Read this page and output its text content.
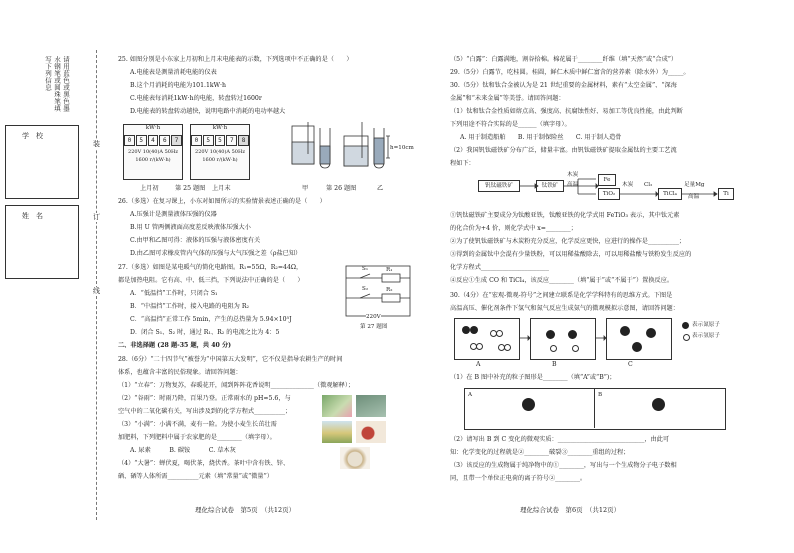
请用蓝色或黑色墨水钢笔或圆珠笔填写下列信息
学　校
姓　名
装
订
线
25. 如图分别是小东家上月初和上月末电能表的示数，下列选项中不正确的是（　　）
A.电能表是测量消耗电能的仪表
B.这个月消耗的电能为101.1kW·h
C.电能表每消耗1kW·h的电能，转盘转过1600r
D.电能表的转盘转动越快，说明电路中消耗的电功率越大
kW·h
0	5	4	6	7
220V 10(40)A 50Hz
1600 r/(kW·h)
kW·h
0	5	5	7	8
220V 10(40)A 50Hz
1600 r/(kW·h)
上月初	第 25 题图 上月末
h=10cm
甲	第 26 题图	乙
26.（多选）在复习课上，小东对如图所示的实验情景表述正确的是（　　）
A.压强计是测量液体压强的仪器
B.用 U 管两侧液面高度差反映液体压强大小
C.由甲和乙图可得：液体的压强与液体密度有关
D.由乙图可求橡皮管内气体的压强与大气压强之差（ρ盐已知）
27.（多选）如图是某电暖气的简化电路图。R₁=55Ω，R₂=44Ω，
都是加热电阻。它有高、中、低三挡，下列说法中正确的是（　　）
A．“低温挡”工作时，只闭合 S₁
B．“中温挡”工作时，接入电路的电阻为 R₂
C．“高温挡”正常工作 5min，产生的总热量为 5.94×10⁵J
D．闭合 S₁、S₂ 时，通过 R₁、R₂ 的电流之比为 4：5
S₁
S₂
R₁
R₂
220V
第 27 题图
二、非选择题 (28 题-35 题，共 40 分)
28.（6分）“二十四节气”被誉为“中国第五大发明”，它不仅是指导农耕生产的时间
体系，也蕴含丰富的民俗现象。请回答问题：
（1）“立春”：万物复苏，春暖花开，闻到阵阵花香说明______________（微观解释）；
（2）“谷雨”：时雨乃降，百果乃登。正常雨水的 pH≈5.6，与
空气中的二氧化碳有关，写出涉及到的化学方程式__________；
（3）“小满”：小满不满，麦有一险。为使小麦生长茁壮需
加肥料，下列肥料中属于农家肥的是________（填字母）。
A. 尿素　　　B. 碳铵　　　C. 草木灰
（4）“大暑”：蝉伏夏，喝伏茶，烧伏香。茶叶中含有铁、锌、
硒、硒等人体所需__________元素（填“常量”或“微量”）
理化综合试卷　第5页　（共12页）
（5）“白露”：白露满地，割谷拾棉。棉花属于________纤维（填“天然”或“合成”）
29.（5分）白露节，吃桂圆。桂圆，鲜仁木质中鲜仁富含的营养素（除水外）为_____。
30.（5分）钛和钛合金被认为是 21 世纪重要的金属材料，素有“太空金属”、“深海
金属”和“未来金属”等美誉。请回答问题：
（1）钛和钛合金性质如熔点高、强度高、抗腐蚀性好、易加工等优良性能，由此判断
下列用途不符合实际的是______（填字母）。
A. 用于制造船舶　　B. 用于制保险丝　　C. 用于制人造骨
（2）我国钒钛磁铁矿分布广泛，储量丰富。由钒钛磁铁矿提取金属钛的主要工艺流
程如下：
钒钛磁铁矿	钛铁矿
Fe
TiO₂	TiCl₄	Ti
木炭
高温	木炭 Cl₂	足量Mg
高温
①钒钛磁铁矿主要成分为钛酸亚铁，钛酸亚铁的化学式用 FeTiO₃ 表示，其中钛元素
的化合价为+4 价，则化学式中 x=________；
②为了使钒钛磁铁矿与木炭粉充分反应，化学反应更快，应进行的操作是__________；
③得到的金属钛中会混有少量铁粉，可以用稀盐酸除去，可以用稀盐酸与铁粉发生反应的
化学方程式______________________
④反应①生成 CO 和 TiCl₄，该反应________（填“属于”或“不属于”）置换反应。
30.（4分）在“宏观-微观-符号”之间建立联系是化学学科特有的思维方式。下图是
高温高压、催化剂条件下氢气和氮气反应生成氨气的微观模拟示意图，请回答问题：
表示氮原子
表示氢原子
A	B	C
（1）在 B 图中补充的粒子图形是________（填“A”或“B”)；
A	B
（2）请写出 B 到 C 变化的微观实质：____________________________，由此可
知：化学变化的过程就是②________破裂③________重组的过程；
（3）该反应的生成物属于纯净物中的①________，写出与一个生成物分子电子数相
同，且带一个单位正电荷的离子符号②________。
理化综合试卷　第6页　（共12页）
